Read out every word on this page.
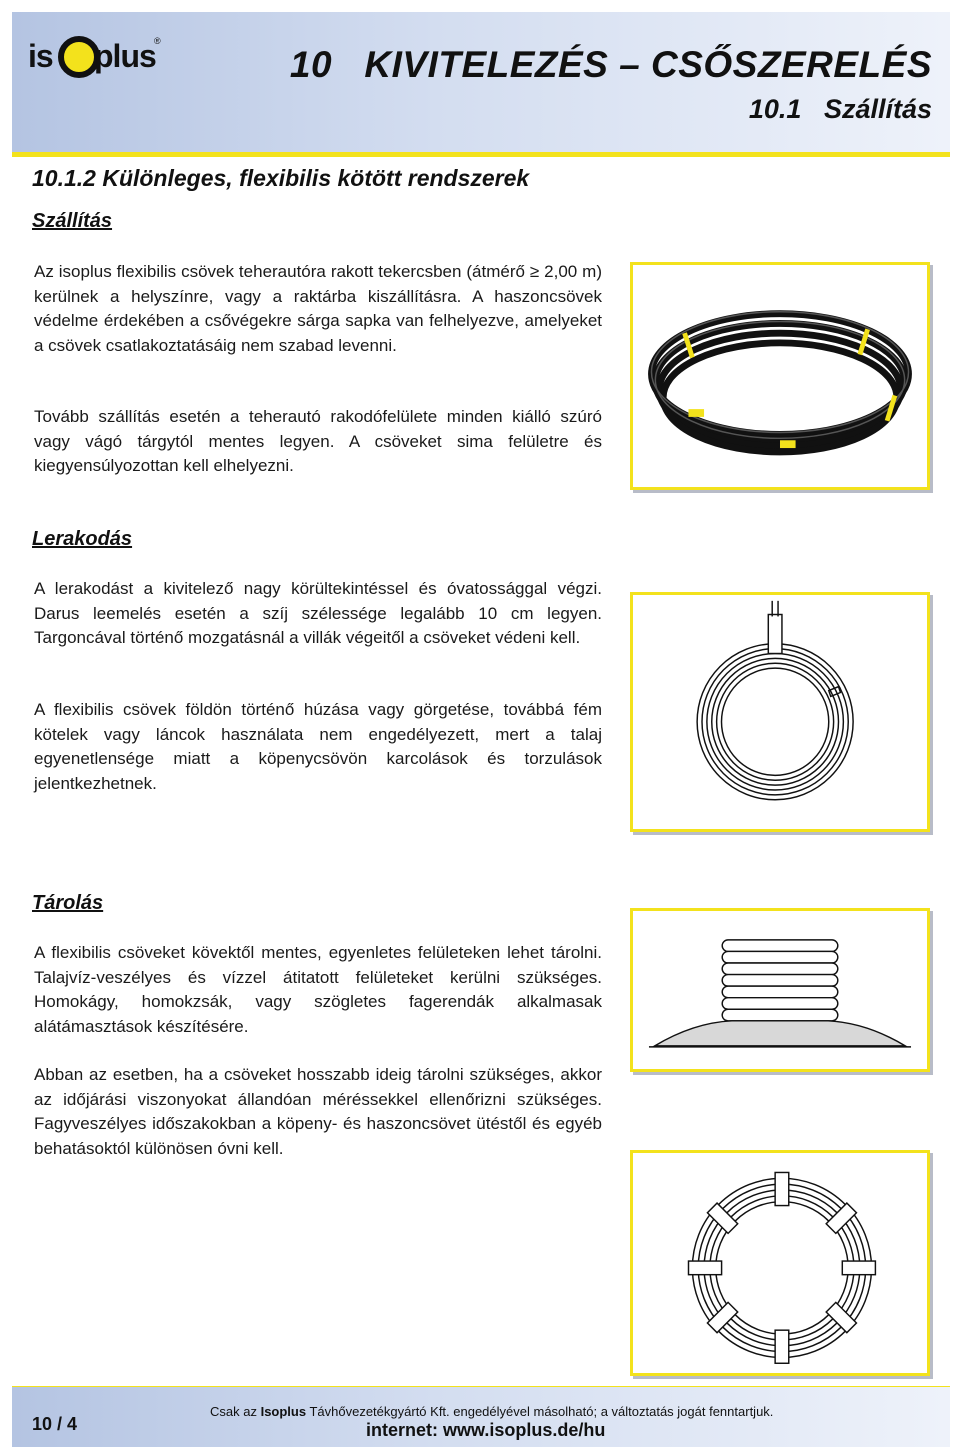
is plus
®
10   KIVITELEZÉS – CSŐSZERELÉS
10.1   Szállítás
10.1.2 Különleges, flexibilis kötött rendszerek
Szállítás

Az isoplus flexibilis csövek teherautóra rakott tekercsben (átmérő ≥ 2,00 m) kerülnek a helyszínre, vagy a raktárba kiszállításra. A haszoncsövek védelme érdekében a csővégekre sárga sapka van felhelyezve, amelyeket a csövek csatlakoztatásáig nem szabad levenni.

Tovább szállítás esetén a teherautó rakodófelülete minden kiálló szúró vagy vágó tárgytól mentes legyen. A csöveket sima felületre és kiegyensúlyozottan kell elhelyezni.

Lerakodás

A lerakodást a kivitelező nagy körültekintéssel és óvatossággal végzi. Darus leemelés esetén a szíj szélessége legalább 10 cm legyen. Targoncával történő mozgatásnál a villák végeitől a csöveket védeni kell.

A flexibilis csövek földön történő húzása vagy görgetése, továbbá fém kötelek vagy láncok használata nem engedélyezett, mert a talaj egyenetlensége miatt a köpenycsövön karcolások és torzulások jelentkezhetnek.

Tárolás

A flexibilis csöveket kövektől mentes, egyenletes felületeken lehet tárolni. Talajvíz-veszélyes és vízzel átitatott felületeket kerülni szükséges. Homokágy, homokzsák, vagy szögletes fagerendák alkalmasak alátámasztások készítésére.

Abban az esetben, ha a csöveket hosszabb ideig tárolni szükséges, akkor az időjárási viszonyokat állandóan méréssekkel ellenőrizni szükséges. Fagyveszélyes időszakokban a köpeny- és haszoncsövet ütéstől és egyéb behatásoktól különösen óvni kell.

10 / 4
Csak az Isoplus Távhővezetékgyártó Kft. engedélyével másolható; a változtatás jogát fenntartjuk.
internet: www.isoplus.de/hu
